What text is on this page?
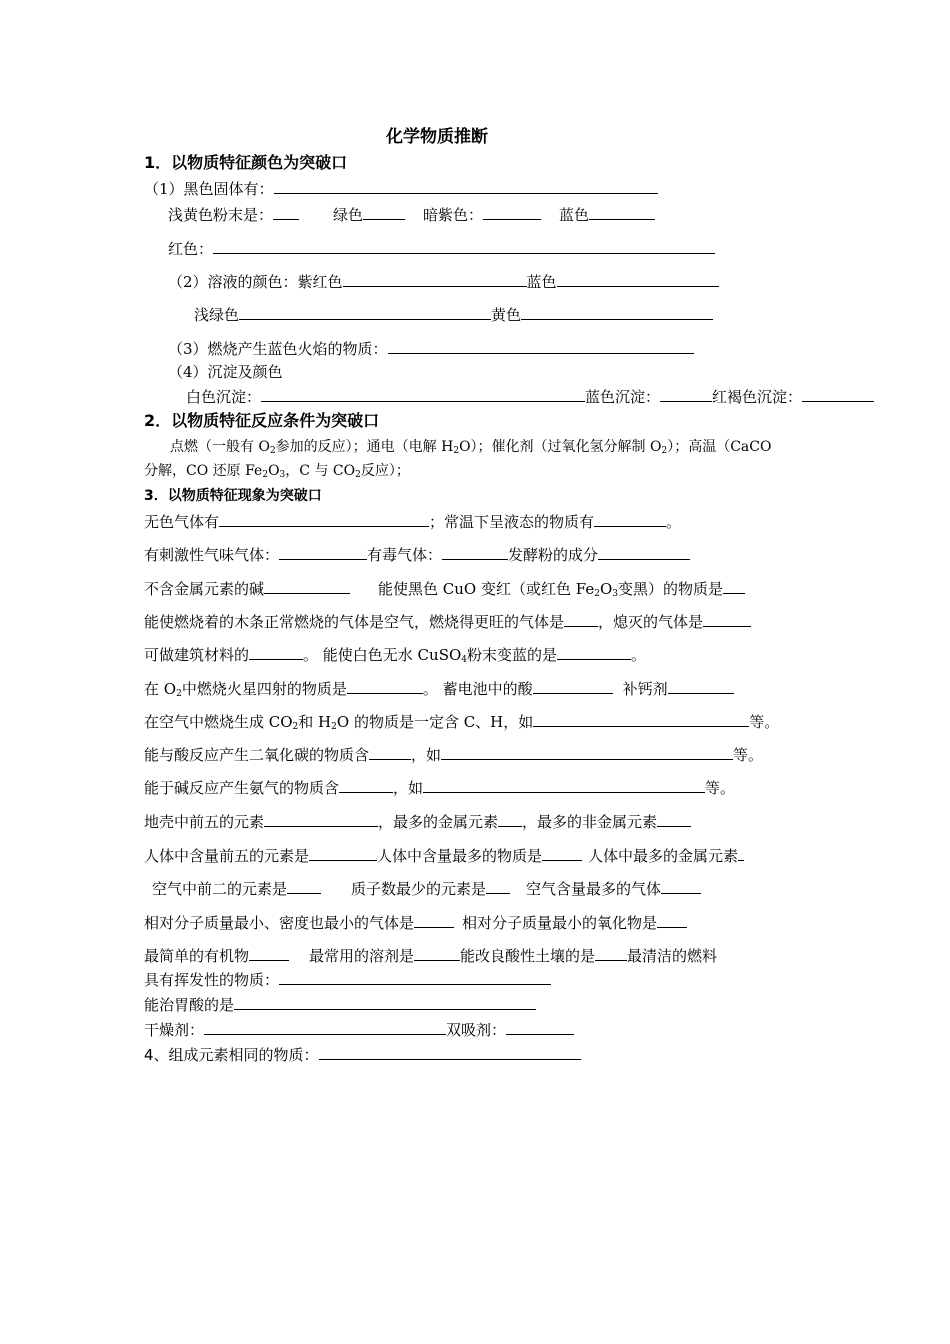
化学物质推断
1．以物质特征颜色为突破口
（1）黑色固体有：
浅黄色粉末是：	绿色	暗紫色：	蓝色
红色：
（2）溶液的颜色：紫红色	蓝色
浅绿色	黄色
（3）燃烧产生蓝色火焰的物质：
（4）沉淀及颜色
白色沉淀：	蓝色沉淀：	红褐色沉淀：
2．以物质特征反应条件为突破口
点燃（一般有 $O_2$参加的反应）；通电（电解 $H_2O$）；催化剂（过氧化氢分解制 $O_2$）；高温（CaCO
分解，CO 还原 $Fe_2O_3$，C 与 $CO_2$反应）；
3．以物质特征现象为突破口
无色气体有	；常温下呈液态的物质有	。
有刺激性气味气体：	有毒气体：	发酵粉的成分
不含金属元素的碱	能使黑色 CuO 变红（或红色 $Fe_2O_3$变黑）的物质是
能使燃烧着的木条正常燃烧的气体是空气，燃烧得更旺的气体是 ，熄灭的气体是
可做建筑材料的	。 能使白色无水 CuSO$_4$粉末变蓝的是	。
在 $O_2$中燃烧火星四射的物质是	。 蓄电池中的酸	补钙剂
在空气中燃烧生成 $CO_2$和 $H_2O$ 的物质是一定含 C、H，如	等。
能与酸反应产生二氧化碳的物质含	，如	等。
能于碱反应产生氨气的物质含	，如	等。
地壳中前五的元素	，最多的金属元素 ，最多的非金属元素
人体中含量前五的元素是	人体中含量最多的物质是	人体中最多的金属元素
空气中前二的元素是	质子数最少的元素是	空气含量最多的气体
相对分子质量最小、密度也最小的气体是	相对分子质量最小的氧化物是
最简单的有机物	最常用的溶剂是	能改良酸性土壤的是 最清洁的燃料
具有挥发性的物质：
能治胃酸的是
干燥剂：	双吸剂：
4、组成元素相同的物质：
